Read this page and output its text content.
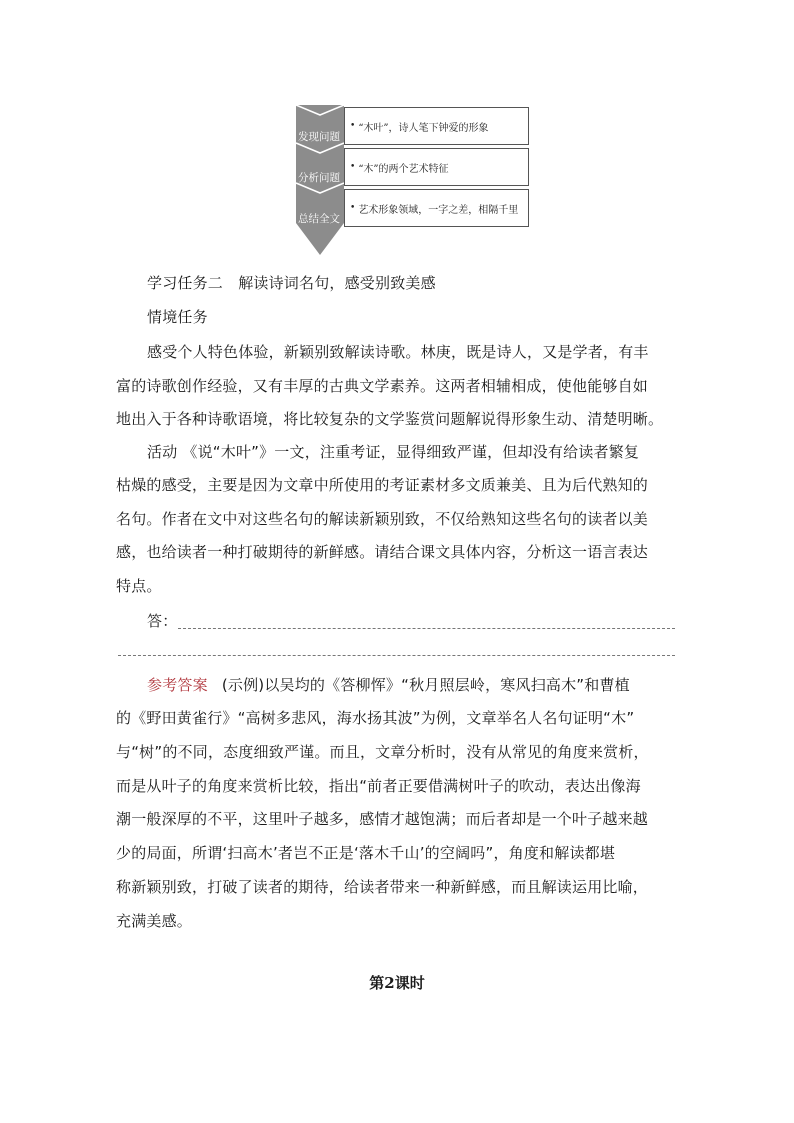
发现问题
分析问题
总结全文
• “木叶”，诗人笔下钟爱的形象
• “木”的两个艺术特征
• 艺术形象领域，一字之差，相隔千里
学习任务二　解读诗词名句，感受别致美感
情境任务
感受个人特色体验，新颖别致解读诗歌。林庚，既是诗人，又是学者，有丰
富的诗歌创作经验，又有丰厚的古典文学素养。这两者相辅相成，使他能够自如
地出入于各种诗歌语境，将比较复杂的文学鉴赏问题解说得形象生动、清楚明晰。
活动 《说“木叶”》一文，注重考证，显得细致严谨，但却没有给读者繁复
枯燥的感受，主要是因为文章中所使用的考证素材多文质兼美、且为后代熟知的
名句。作者在文中对这些名句的解读新颖别致，不仅给熟知这些名句的读者以美
感，也给读者一种打破期待的新鲜感。请结合课文具体内容，分析这一语言表达
特点。
答：
参考答案 (示例)以吴均的《答柳恽》“秋月照层岭，寒风扫高木”和曹植
的《野田黄雀行》“高树多悲风，海水扬其波”为例，文章举名人名句证明“木”
与“树”的不同，态度细致严谨。而且，文章分析时，没有从常见的角度来赏析，
而是从叶子的角度来赏析比较，指出“前者正要借满树叶子的吹动，表达出像海
潮一般深厚的不平，这里叶子越多，感情才越饱满；而后者却是一个叶子越来越
少的局面，所谓‘扫高木’者岂不正是‘落木千山’的空阔吗”，角度和解读都堪
称新颖别致，打破了读者的期待，给读者带来一种新鲜感，而且解读运用比喻，
充满美感。
第2课时
